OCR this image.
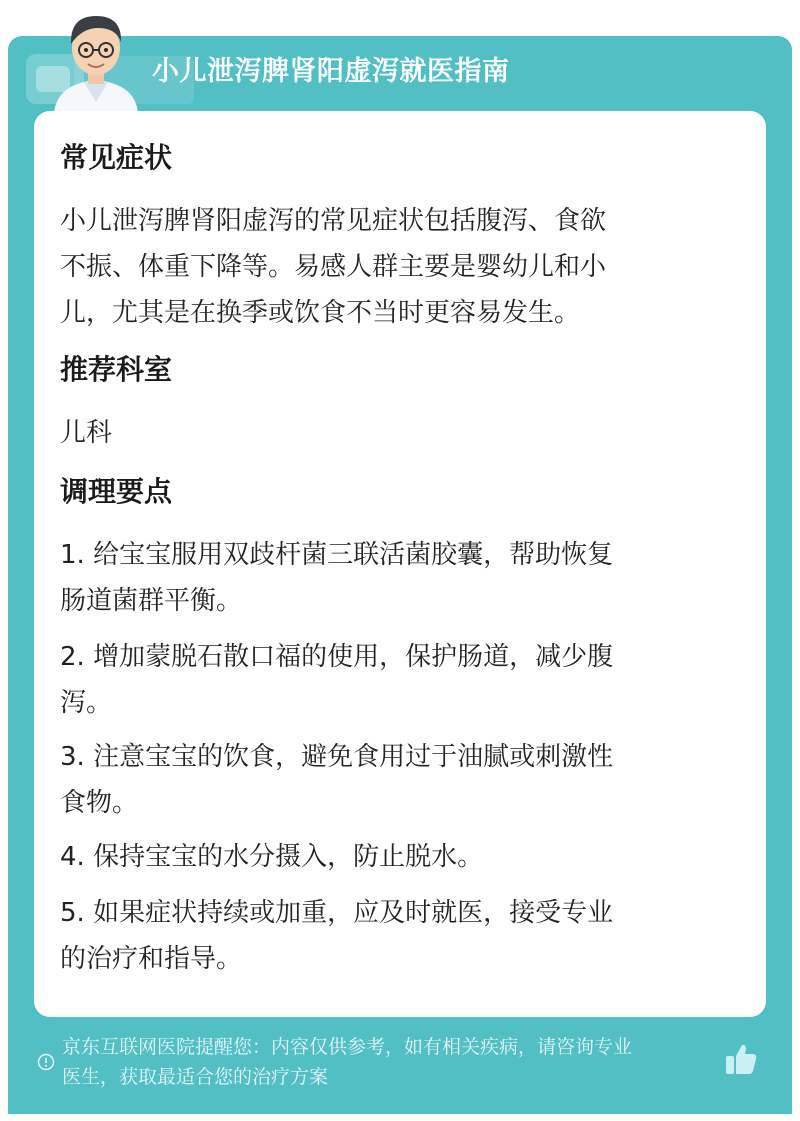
小儿泄泻脾肾阳虚泻就医指南
常见症状
小儿泄泻脾肾阳虚泻的常见症状包括腹泻、食欲
不振、体重下降等。易感人群主要是婴幼儿和小
儿，尤其是在换季或饮食不当时更容易发生。
推荐科室
儿科
调理要点
1. 给宝宝服用双歧杆菌三联活菌胶囊，帮助恢复
肠道菌群平衡。
2. 增加蒙脱石散口福的使用，保护肠道，减少腹
泻。
3. 注意宝宝的饮食，避免食用过于油腻或刺激性
食物。
4. 保持宝宝的水分摄入，防止脱水。
5. 如果症状持续或加重，应及时就医，接受专业
的治疗和指导。
京东互联网医院提醒您：内容仅供参考，如有相关疾病，请咨询专业
医生，获取最适合您的治疗方案
